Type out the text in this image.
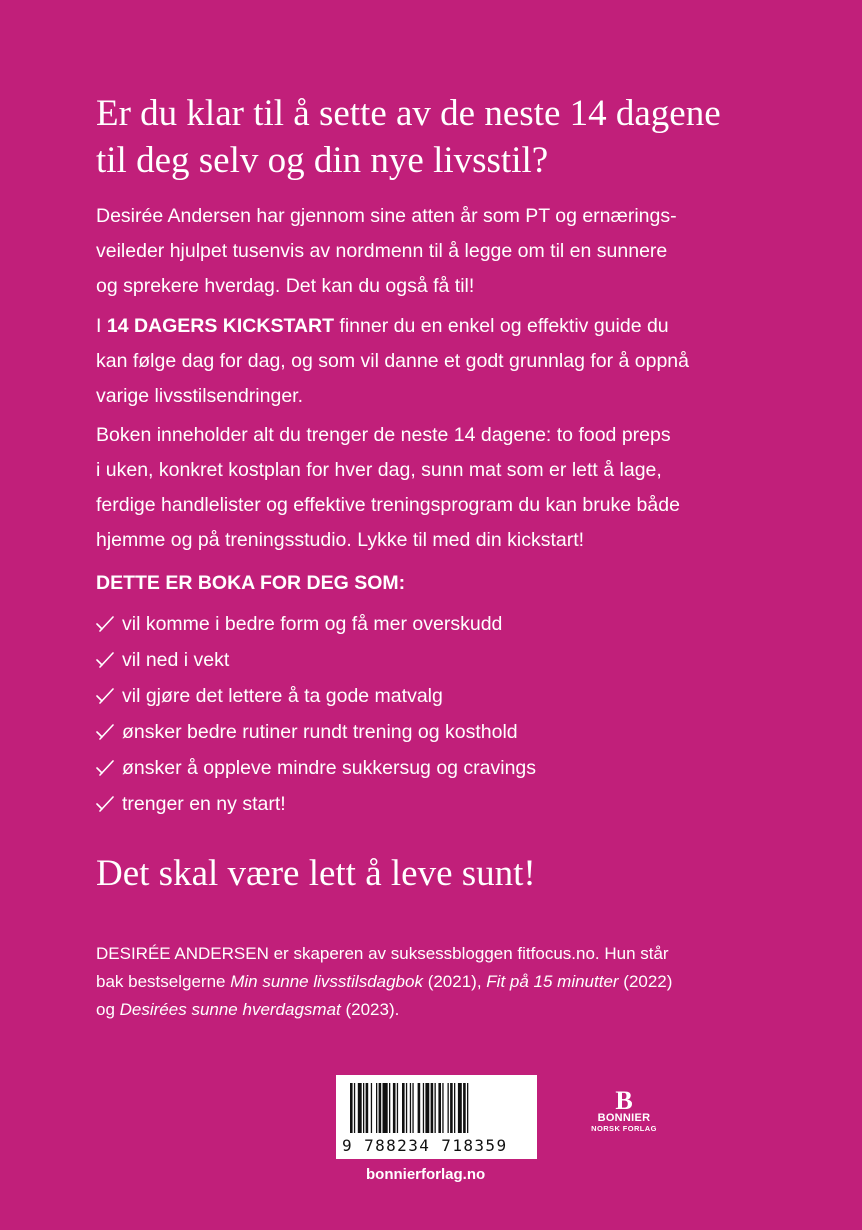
Er du klar til å sette av de neste 14 dagene
til deg selv og din nye livsstil?

Desirée Andersen har gjennom sine atten år som PT og ernærings-
veileder hjulpet tusenvis av nordmenn til å legge om til en sunnere
og sprekere hverdag. Det kan du også få til!

I 14 DAGERS KICKSTART finner du en enkel og effektiv guide du
kan følge dag for dag, og som vil danne et godt grunnlag for å oppnå
varige livsstilsendringer.

Boken inneholder alt du trenger de neste 14 dagene: to food preps
i uken, konkret kostplan for hver dag, sunn mat som er lett å lage,
ferdige handlelister og effektive treningsprogram du kan bruke både
hjemme og på treningsstudio. Lykke til med din kickstart!

DETTE ER BOKA FOR DEG SOM:

vil komme i bedre form og få mer overskudd
vil ned i vekt
vil gjøre det lettere å ta gode matvalg
ønsker bedre rutiner rundt trening og kosthold
ønsker å oppleve mindre sukkersug og cravings
trenger en ny start!

Det skal være lett å leve sunt!

DESIRÉE ANDERSEN er skaperen av suksessbloggen fitfocus.no. Hun står
bak bestselgerne Min sunne livsstilsdagbok (2021), Fit på 15 minutter (2022)
og Desirées sunne hverdagsmat (2023).

9 788234 718359
B
BONNIER
NORSK FORLAG
bonnierforlag.no
